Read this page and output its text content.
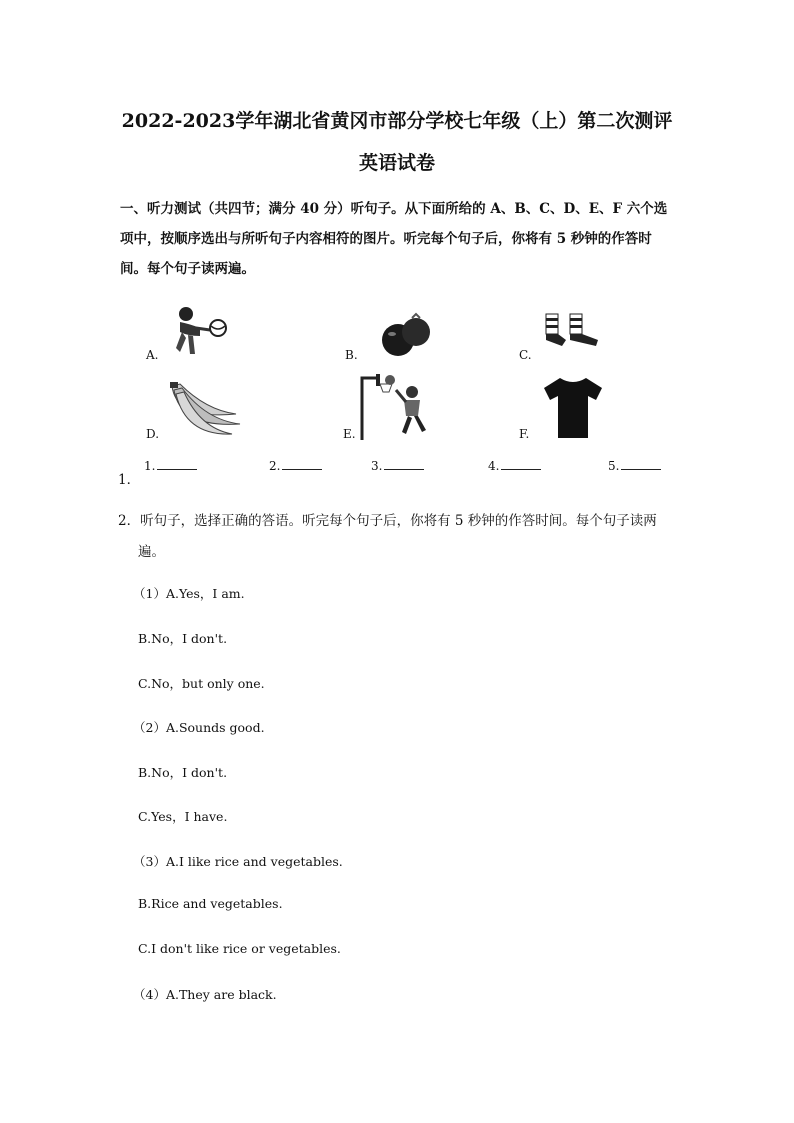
2022-2023学年湖北省黄冈市部分学校七年级（上）第二次测评
英语试卷
一、听力测试（共四节；满分 40 分）听句子。从下面所给的 A、B、C、D、E、F 六个选
项中，按顺序选出与所听句子内容相符的图片。听完每个句子后，你将有 5 秒钟的作答时
间。每个句子读两遍。
A.	B.	C.
D.	E.	F.
1．
1.	2.	3.	4.	5.
2．听句子，选择正确的答语。听完每个句子后，你将有 5 秒钟的作答时间。每个句子读两
遍。
（1）A.Yes，I am.
B.No，I don't.
C.No，but only one.
（2）A.Sounds good.
B.No，I don't.
C.Yes，I have.
（3）A.I like rice and vegetables.
B.Rice and vegetables.
C.I don't like rice or vegetables.
（4）A.They are black.
